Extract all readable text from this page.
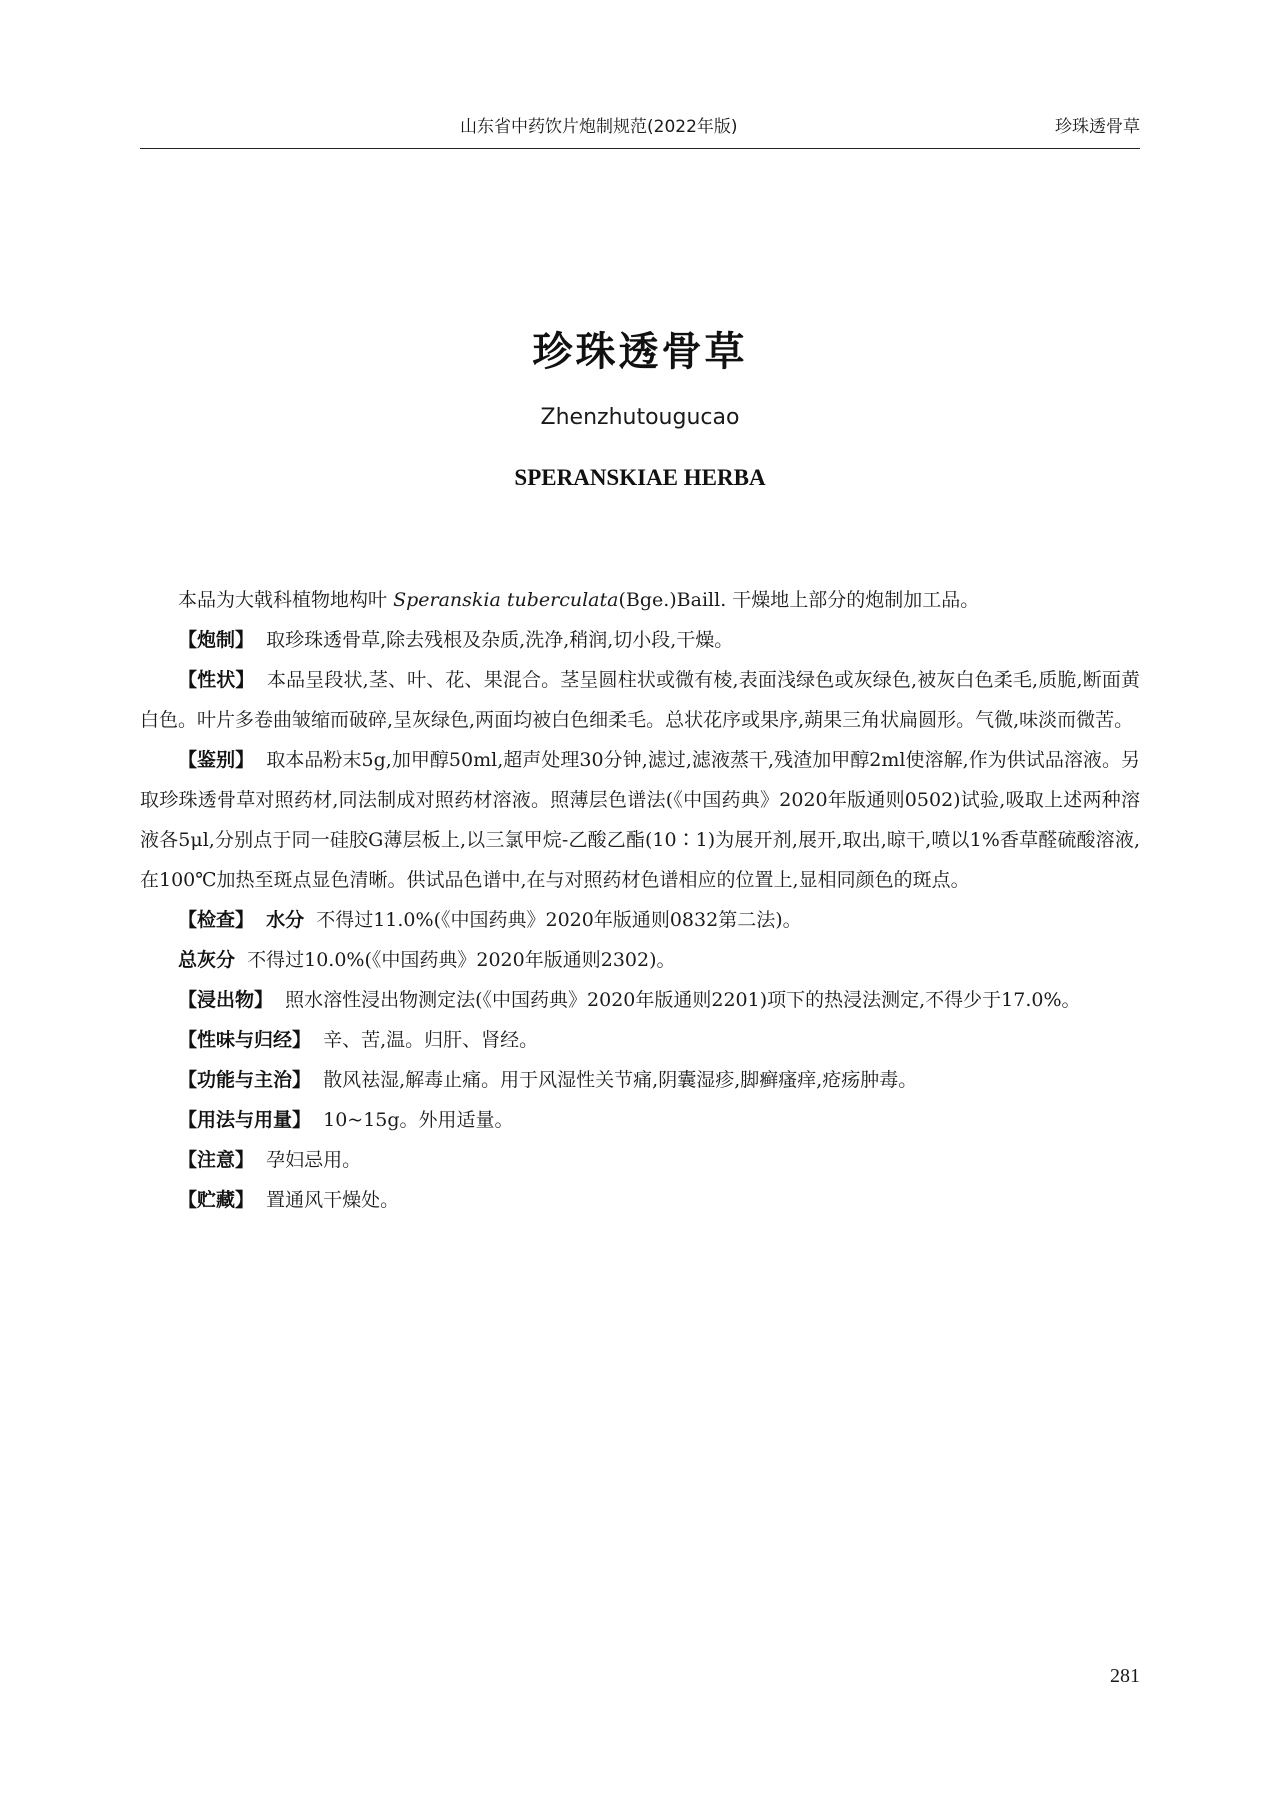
山东省中药饮片炮制规范(2022年版)	珍珠透骨草
珍珠透骨草
Zhenzhutougucao
SPERANSKIAE HERBA

本品为大戟科植物地构叶 Speranskia tuberculata(Bge.)Baill. 干燥地上部分的炮制加工品。

【炮制】 取珍珠透骨草,除去残根及杂质,洗净,稍润,切小段,干燥。

【性状】 本品呈段状,茎、叶、花、果混合。茎呈圆柱状或微有棱,表面浅绿色或灰绿色,被灰白色柔毛,质脆,断面黄白色。叶片多卷曲皱缩而破碎,呈灰绿色,两面均被白色细柔毛。总状花序或果序,蒴果三角状扁圆形。气微,味淡而微苦。

【鉴别】 取本品粉末5g,加甲醇50ml,超声处理30分钟,滤过,滤液蒸干,残渣加甲醇2ml使溶解,作为供试品溶液。另取珍珠透骨草对照药材,同法制成对照药材溶液。照薄层色谱法(《中国药典》2020年版通则0502)试验,吸取上述两种溶液各5μl,分别点于同一硅胶G薄层板上,以三氯甲烷-乙酸乙酯(10∶1)为展开剂,展开,取出,晾干,喷以1%香草醛硫酸溶液,在100℃加热至斑点显色清晰。供试品色谱中,在与对照药材色谱相应的位置上,显相同颜色的斑点。

【检查】 水分 不得过11.0%(《中国药典》2020年版通则0832第二法)。

总灰分 不得过10.0%(《中国药典》2020年版通则2302)。

【浸出物】 照水溶性浸出物测定法(《中国药典》2020年版通则2201)项下的热浸法测定,不得少于17.0%。

【性味与归经】 辛、苦,温。归肝、肾经。

【功能与主治】 散风祛湿,解毒止痛。用于风湿性关节痛,阴囊湿疹,脚癣瘙痒,疮疡肿毒。

【用法与用量】 10~15g。外用适量。

【注意】 孕妇忌用。

【贮藏】 置通风干燥处。

281
